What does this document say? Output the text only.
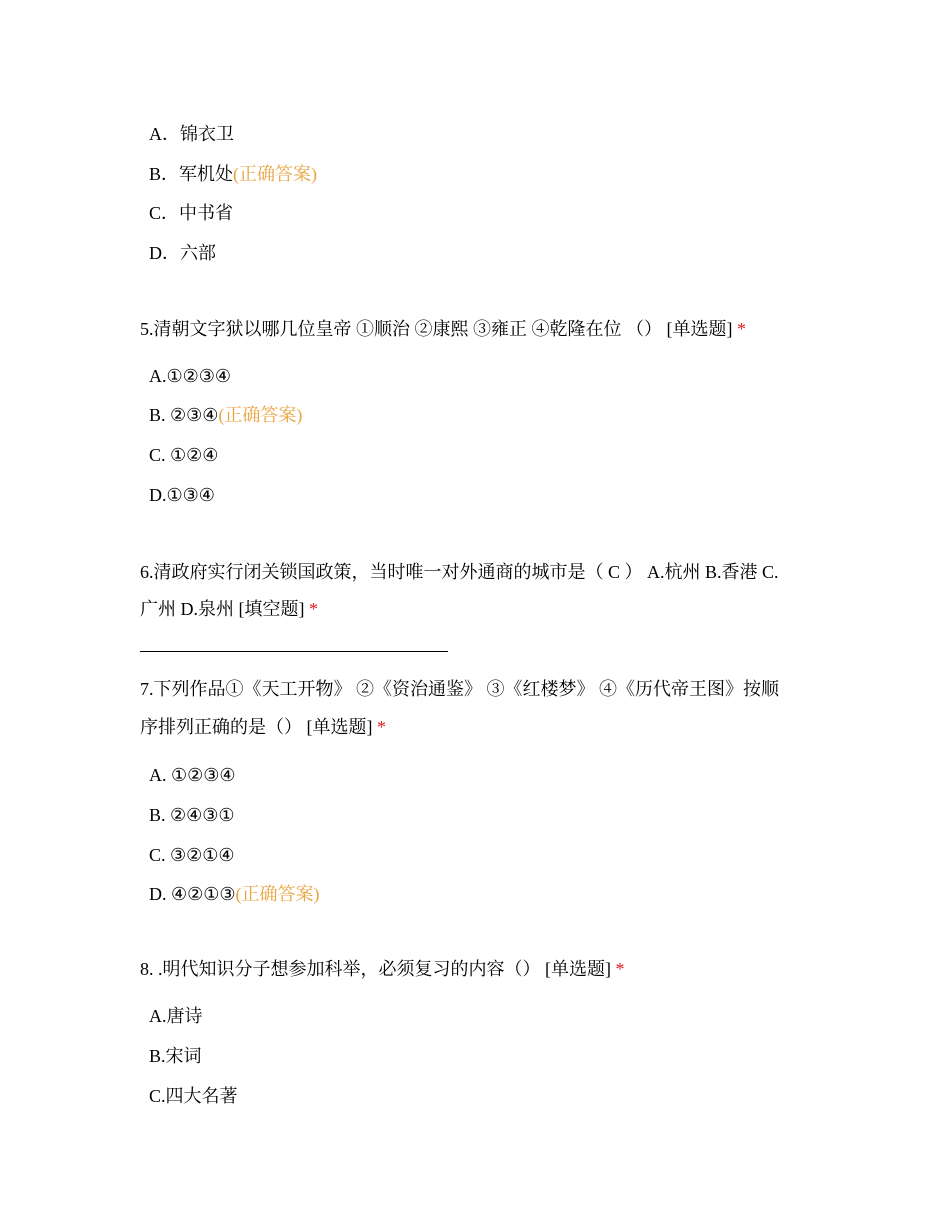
A．锦衣卫
B．军机处(正确答案)
C．中书省
D．六部
5.清朝文字狱以哪几位皇帝 ①顺治 ②康熙 ③雍正 ④乾隆在位 （） [单选题] *
A.①②③④
B. ②③④(正确答案)
C. ①②④
D.①③④
6.清政府实行闭关锁国政策，当时唯一对外通商的城市是（ C ） A.杭州 B.香港 C.
广州 D.泉州 [填空题] *
7.下列作品①《天工开物》 ②《资治通鉴》 ③《红楼梦》 ④《历代帝王图》按顺
序排列正确的是（） [单选题] *
A. ①②③④
B. ②④③①
C. ③②①④
D. ④②①③(正确答案)
8. .明代知识分子想参加科举，必须复习的内容（） [单选题] *
A.唐诗
B.宋词
C.四大名著
